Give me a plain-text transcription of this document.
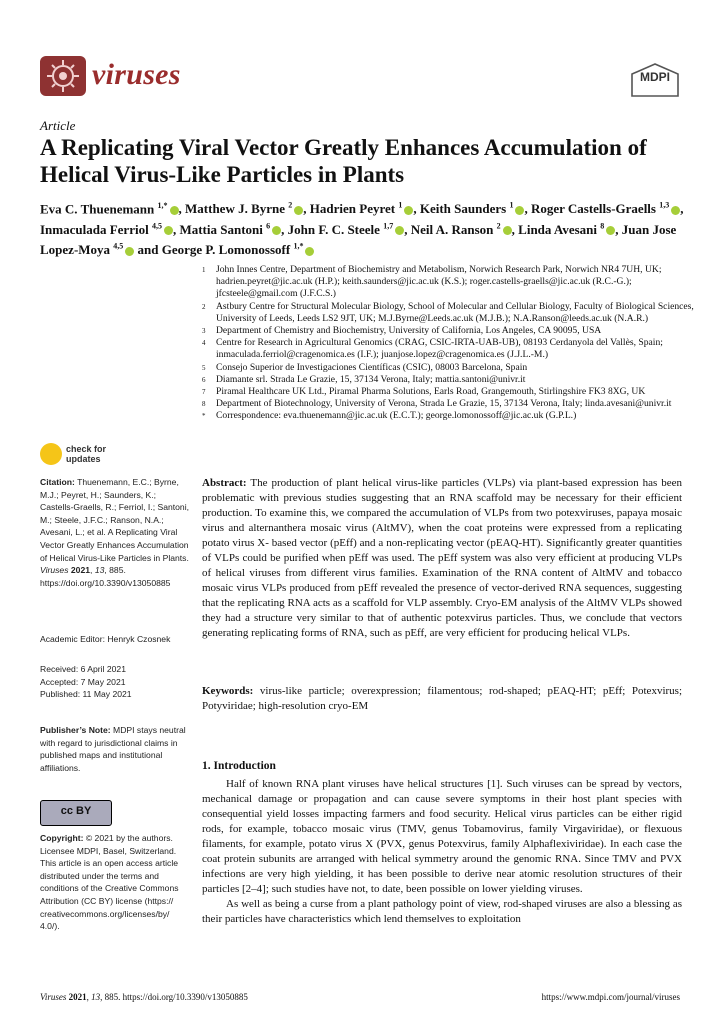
viruses	MDPI
Article
A Replicating Viral Vector Greatly Enhances Accumulation of Helical Virus-Like Particles in Plants
Eva C. Thuenemann $^{1,*}$ , Matthew J. Byrne $^2$ , Hadrien Peyret $^1$ , Keith Saunders $^1$ , Roger Castells-Graells $^{1,3}$ , Inmaculada Ferriol $^{4,5}$ , Mattia Santoni $^6$ , John F. C. Steele $^{1,7}$ , Neil A. Ranson $^2$ , Linda Avesani $^8$ , Juan Jose Lopez-Moya $^{4,5}$ and George P. Lomonossoff $^{1,*}$
1	John Innes Centre, Department of Biochemistry and Metabolism, Norwich Research Park, Norwich NR4 7UH, UK; hadrien.peyret@jic.ac.uk (H.P.); keith.saunders@jic.ac.uk (K.S.); roger.castells-graells@jic.ac.uk (R.C.-G.); jfcsteele@gmail.com (J.F.C.S.)
2	Astbury Centre for Structural Molecular Biology, School of Molecular and Cellular Biology, Faculty of Biological Sciences, University of Leeds, Leeds LS2 9JT, UK; M.J.Byrne@Leeds.ac.uk (M.J.B.); N.A.Ranson@leeds.ac.uk (N.A.R.)
3	Department of Chemistry and Biochemistry, University of California, Los Angeles, CA 90095, USA
4	Centre for Research in Agricultural Genomics (CRAG, CSIC-IRTA-UAB-UB), 08193 Cerdanyola del Vallès, Spain; inmaculada.ferriol@cragenomica.es (I.F.); juanjose.lopez@cragenomica.es (J.J.L.-M.)
5	Consejo Superior de Investigaciones Científicas (CSIC), 08003 Barcelona, Spain
6	Diamante srl. Strada Le Grazie, 15, 37134 Verona, Italy; mattia.santoni@univr.it
7	Piramal Healthcare UK Ltd., Piramal Pharma Solutions, Earls Road, Grangemouth, Stirlingshire FK3 8XG, UK
8	Department of Biotechnology, University of Verona, Strada Le Grazie, 15, 37134 Verona, Italy; linda.avesani@univr.it
*	Correspondence: eva.thuenemann@jic.ac.uk (E.C.T.); george.lomonossoff@jic.ac.uk (G.P.L.)
check for
updates
Citation: Thuenemann, E.C.; Byrne, M.J.; Peyret, H.; Saunders, K.; Castells-Graells, R.; Ferriol, I.; Santoni, M.; Steele, J.F.C.; Ranson, N.A.; Avesani, L.; et al. A Replicating Viral Vector Greatly Enhances Accumulation of Helical Virus-Like Particles in Plants. Viruses 2021, 13, 885. https://doi.org/10.3390/v13050885
Academic Editor: Henryk Czosnek
Received: 6 April 2021
Accepted: 7 May 2021
Published: 11 May 2021
Publisher’s Note: MDPI stays neutral with regard to jurisdictional claims in published maps and institutional affiliations.
cc BY
Copyright: © 2021 by the authors. Licensee MDPI, Basel, Switzerland. This article is an open access article distributed under the terms and conditions of the Creative Commons Attribution (CC BY) license (https:// creativecommons.org/licenses/by/ 4.0/).
Abstract: The production of plant helical virus-like particles (VLPs) via plant-based expression has been problematic with previous studies suggesting that an RNA scaffold may be necessary for their efficient production. To examine this, we compared the accumulation of VLPs from two potexviruses, papaya mosaic virus and alternanthera mosaic virus (AltMV), when the coat proteins were expressed from a replicating potato virus X- based vector (pEff) and a non-replicating vector (pEAQ-HT). Significantly greater quantities of VLPs could be purified when pEff was used. The pEff system was also very efficient at producing VLPs of helical viruses from different virus families. Examination of the RNA content of AltMV and tobacco mosaic virus VLPs produced from pEff revealed the presence of vector-derived RNA sequences, suggesting that the replicating RNA acts as a scaffold for VLP assembly. Cryo-EM analysis of the AltMV VLPs showed they had a structure very similar to that of authentic potexvirus particles. Thus, we conclude that vectors generating replicating forms of RNA, such as pEff, are very efficient for producing helical VLPs.
Keywords: virus-like particle; overexpression; filamentous; rod-shaped; pEAQ-HT; pEff; Potexvirus; Potyviridae; high-resolution cryo-EM
1. Introduction

Half of known RNA plant viruses have helical structures [1]. Such viruses can be spread by vectors, mechanical damage or propagation and can cause severe symptoms in their host plant species with consequential yield losses impacting farmers and food security. Helical virus particles can be either rigid rods, for example, tobacco mosaic virus (TMV, genus Tobamovirus, family Virgaviridae), or flexuous filaments, for example, potato virus X (PVX, genus Potexvirus, family Alphaflexiviridae). In each case the coat protein subunits are arranged with helical symmetry around the genomic RNA. Since TMV and PVX infections are very high yielding, it has been possible to derive near atomic resolution structures of their particles [2–4]; such studies have not, to date, been possible on lower yielding viruses.

As well as being a curse from a plant pathology point of view, rod-shaped viruses are also a blessing as their particles have characteristics which lend themselves to exploitation

Viruses 2021, 13, 885. https://doi.org/10.3390/v13050885	https://www.mdpi.com/journal/viruses
